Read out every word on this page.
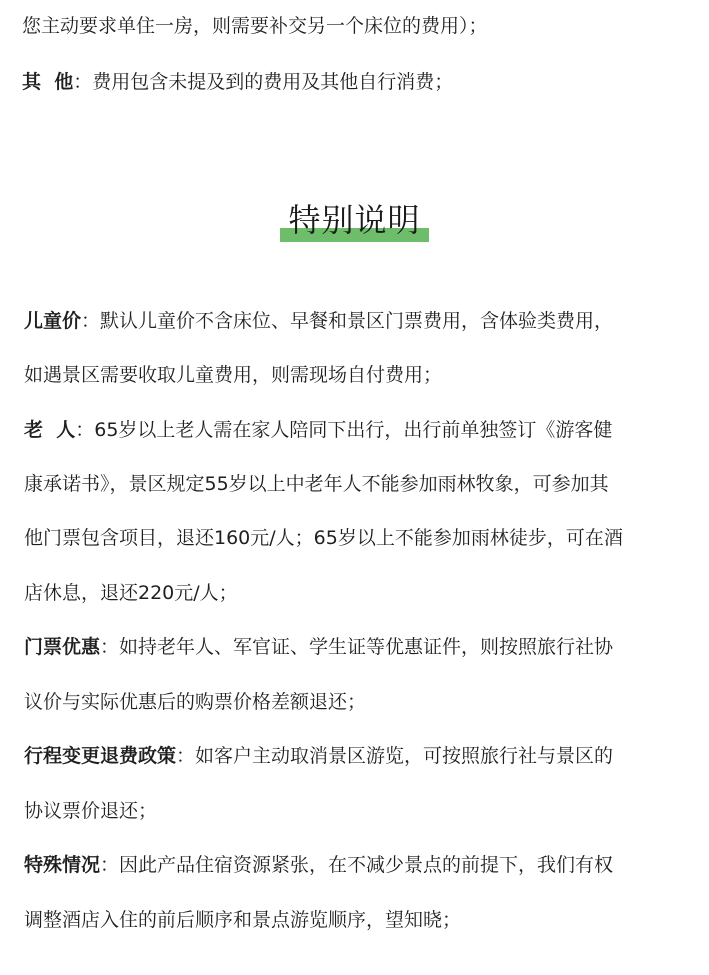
您主动要求单住一房，则需要补交另一个床位的费用）；
其  他：费用包含未提及到的费用及其他自行消费；
特别说明
儿童价：默认儿童价不含床位、早餐和景区门票费用，含体验类费用，
如遇景区需要收取儿童费用，则需现场自付费用；
老  人：65岁以上老人需在家人陪同下出行，出行前单独签订《游客健
康承诺书》，景区规定55岁以上中老年人不能参加雨林牧象，可参加其
他门票包含项目，退还160元/人；65岁以上不能参加雨林徒步，可在酒
店休息，退还220元/人；
门票优惠：如持老年人、军官证、学生证等优惠证件，则按照旅行社协
议价与实际优惠后的购票价格差额退还；
行程变更退费政策：如客户主动取消景区游览，可按照旅行社与景区的
协议票价退还；
特殊情况：因此产品住宿资源紧张，在不减少景点的前提下，我们有权
调整酒店入住的前后顺序和景点游览顺序，望知晓；
